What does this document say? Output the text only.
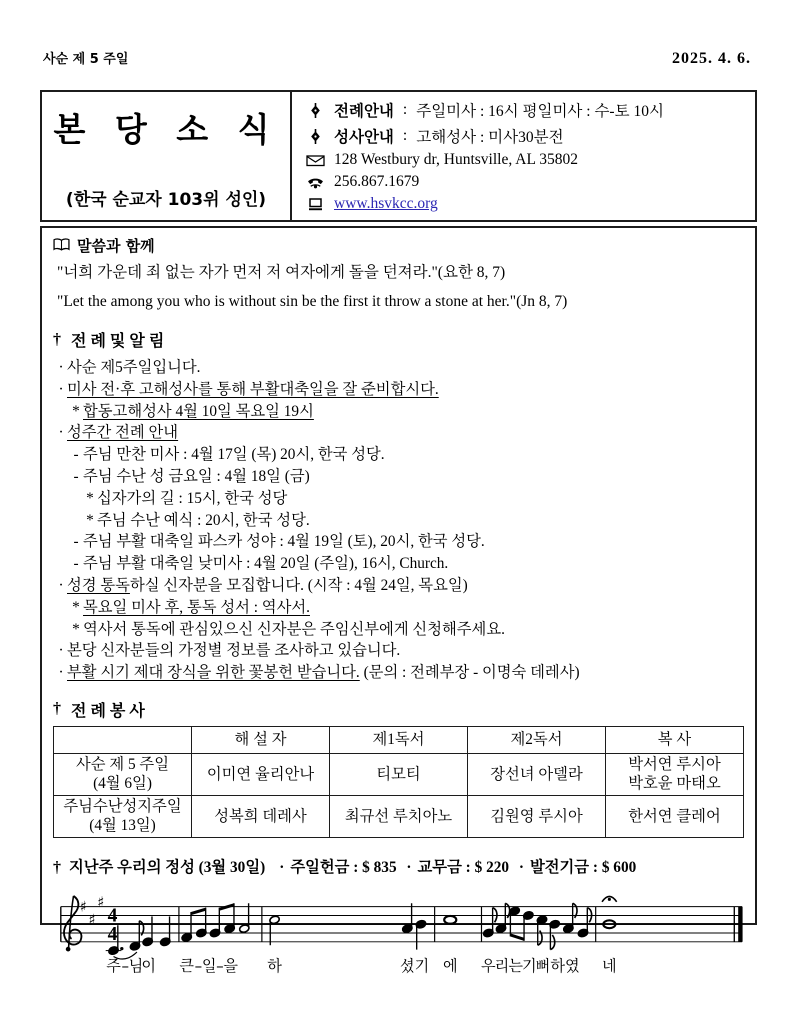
사순 제 5 주일	2025. 4. 6.
본 당 소 식
(한국 순교자 103위 성인)
전례안내 : 주일미사 : 16시 평일미사 : 수-토 10시
성사안내 : 고해성사 : 미사30분전
128 Westbury dr, Huntsville, AL 35802
256.867.1679
www.hsvkcc.org
말씀과 함께
"너희 가운데 죄 없는 자가 먼저 저 여자에게 돌을 던져라."(요한 8, 7)
"Let the among you who is without sin be the first it throw a stone at her."(Jn 8, 7)
† 전 례 및 알 림
· 사순 제5주일입니다.
· 미사 전·후 고해성사를 통해 부활대축일을 잘 준비합시다.
* 합동고해성사 4월 10일 목요일 19시
· 성주간 전례 안내
- 주님 만찬 미사 : 4월 17일 (목) 20시, 한국 성당.
- 주님 수난 성 금요일 : 4월 18일 (금)
* 십자가의 길 : 15시, 한국 성당
* 주님 수난 예식 : 20시, 한국 성당.
- 주님 부활 대축일 파스카 성야 : 4월 19일 (토), 20시, 한국 성당.
- 주님 부활 대축일 낮미사 : 4월 20일 (주일), 16시, Church.
· 성경 통독하실 신자분을 모집합니다. (시작 : 4월 24일, 목요일)
* 목요일 미사 후, 통독 성서 : 역사서.
* 역사서 통독에 관심있으신 신자분은 주임신부에게 신청해주세요.
· 본당 신자분들의 가정별 정보를 조사하고 있습니다.
· 부활 시기 제대 장식을 위한 꽃봉헌 받습니다. (문의 : 전례부장 - 이명숙 데레사)
† 전 례 봉 사
	해 설 자	제1독서	제2독서	복 사
사순 제 5 주일
(4월 6일)	이미연 율리안나	티모티	장선녀 아델라	박서연 루시아
박호윤 마태오
주님수난성지주일
(4월 13일)	성복희 데레사	최규선 루치아노	김원영 루시아	한서연 클레어
† 지난주 우리의 정성 (3월 30일) · 주일헌금 : $ 835 · 교무금 : $ 220 · 발전기금 : $ 600
♯
♯
♯
4
4
주 – 님
이 큰 – 일 – 을 하	셨 기 에 우 리 는 기 뻐 하 였 네
